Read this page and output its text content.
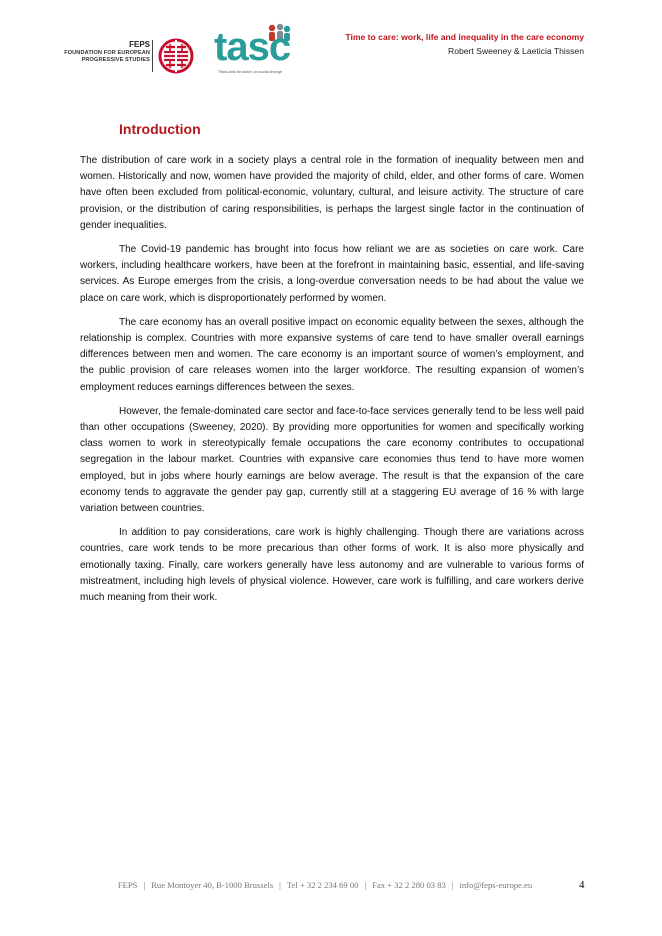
FEPS
FOUNDATION FOR EUROPEAN
PROGRESSIVE STUDIES tasc
Think-tank for action on social change
Time to care: work, life and inequality in the care economy
Robert Sweeney & Laeticia Thissen
Introduction

The distribution of care work in a society plays a central role in the formation of inequality between men and women. Historically and now, women have provided the majority of child, elder, and other forms of care. Women have often been excluded from political-economic, voluntary, cultural, and leisure activity. The structure of care provision, or the distribution of caring responsibilities, is perhaps the largest single factor in the continuation of gender inequalities.

The Covid-19 pandemic has brought into focus how reliant we are as societies on care work. Care workers, including healthcare workers, have been at the forefront in maintaining basic, essential, and life-saving services. As Europe emerges from the crisis, a long-overdue conversation needs to be had about the value we place on care work, which is disproportionately performed by women.

The care economy has an overall positive impact on economic equality between the sexes, although the relationship is complex. Countries with more expansive systems of care tend to have smaller overall earnings differences between men and women. The care economy is an important source of women’s employment, and the public provision of care releases women into the larger workforce. The resulting expansion of women’s employment reduces earnings differences between the sexes.

However, the female-dominated care sector and face-to-face services generally tend to be less well paid than other occupations (Sweeney, 2020). By providing more opportunities for women and specifically working class women to work in stereotypically female occupations the care economy contributes to occupational segregation in the labour market. Countries with expansive care economies thus tend to have more women employed, but in jobs where hourly earnings are below average. The result is that the expansion of the care economy tends to aggravate the gender pay gap, currently still at a staggering EU average of 16 % with large variation between countries.

In addition to pay considerations, care work is highly challenging. Though there are variations across countries, care work tends to be more precarious than other forms of work. It is also more physically and emotionally taxing. Finally, care workers generally have less autonomy and are vulnerable to various forms of mistreatment, including high levels of physical violence. However, care work is fulfilling, and care workers derive much meaning from their work.

FEPS | Rue Montoyer 40, B-1000 Brussels | Tel + 32 2 234 69 00 | Fax + 32 2 280 03 83 | info@feps-europe.eu	4
